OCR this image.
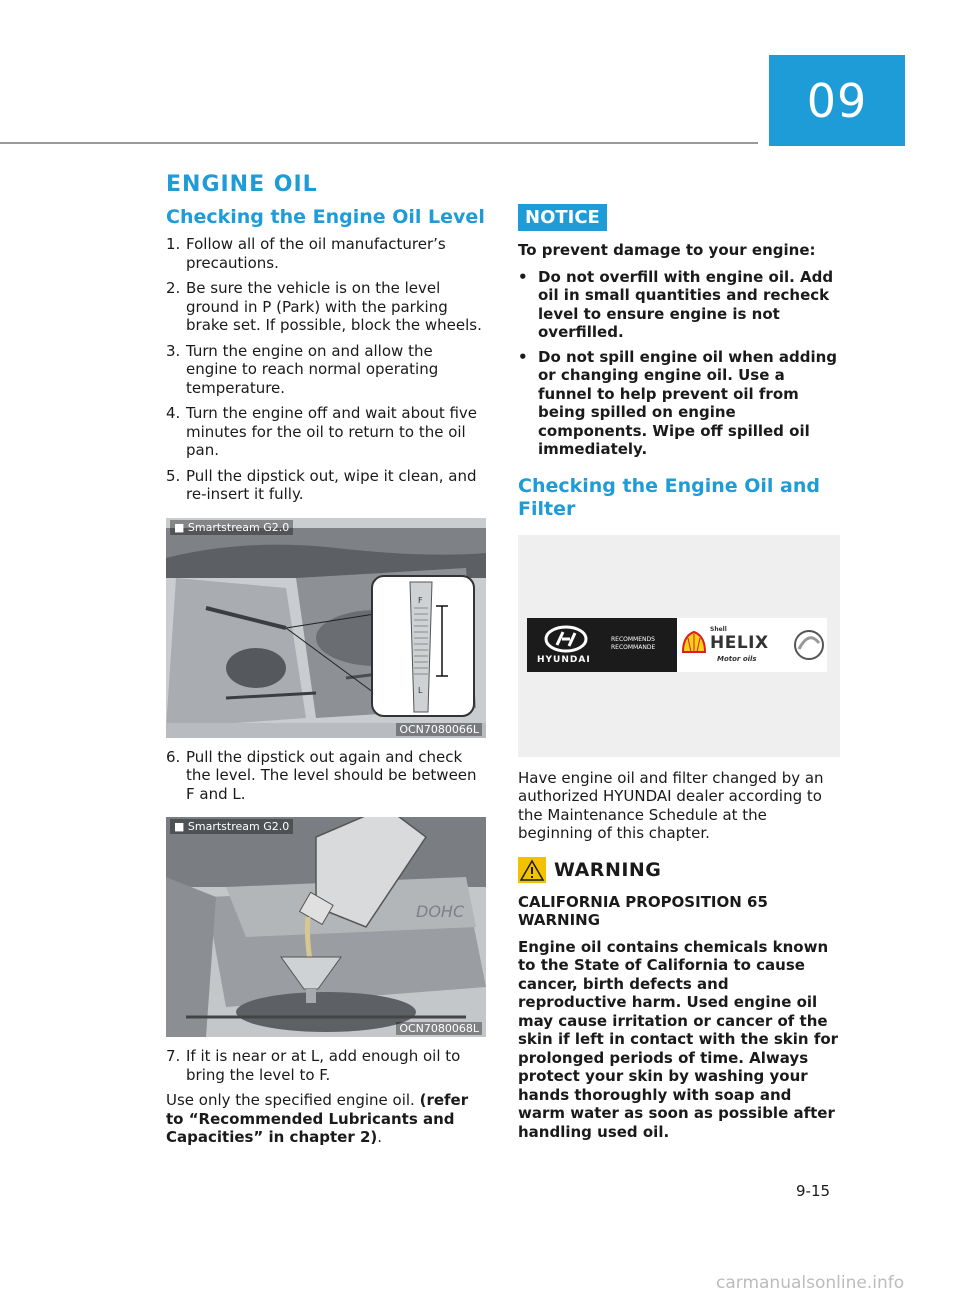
09
ENGINE OIL
Checking the Engine Oil Level
1. Follow all of the oil manufacturer’s precautions.
2. Be sure the vehicle is on the level ground in P (Park) with the parking brake set. If possible, block the wheels.
3. Turn the engine on and allow the engine to reach normal operating temperature.
4. Turn the engine off and wait about five minutes for the oil to return to the oil pan.
5. Pull the dipstick out, wipe it clean, and re-insert it fully.
F
L
■ Smartstream G2.0
OCN7080066L
6. Pull the dipstick out again and check the level. The level should be between F and L.
DOHC
■ Smartstream G2.0
OCN7080068L
7. If it is near or at L, add enough oil to bring the level to F.

Use only the specified engine oil. (refer to “Recommended Lubricants and Capacities” in chapter 2).

NOTICE

To prevent damage to your engine:

• Do not overfill with engine oil. Add oil in small quantities and recheck level to ensure engine is not overfilled.
• Do not spill engine oil when adding or changing engine oil. Use a funnel to help prevent oil from being spilled on engine components. Wipe off spilled oil immediately.
Checking the Engine Oil and Filter
HYUNDAI
RECOMMENDS
RECOMMANDE
Shell
HELIX
Motor oils

Have engine oil and filter changed by an authorized HYUNDAI dealer according to the Maintenance Schedule at the beginning of this chapter.

WARNING

CALIFORNIA PROPOSITION 65 WARNING

Engine oil contains chemicals known to the State of California to cause cancer, birth defects and reproductive harm. Used engine oil may cause irritation or cancer of the skin if left in contact with the skin for prolonged periods of time. Always protect your skin by washing your hands thoroughly with soap and warm water as soon as possible after handling used oil.

9-15
carmanualsonline.info
